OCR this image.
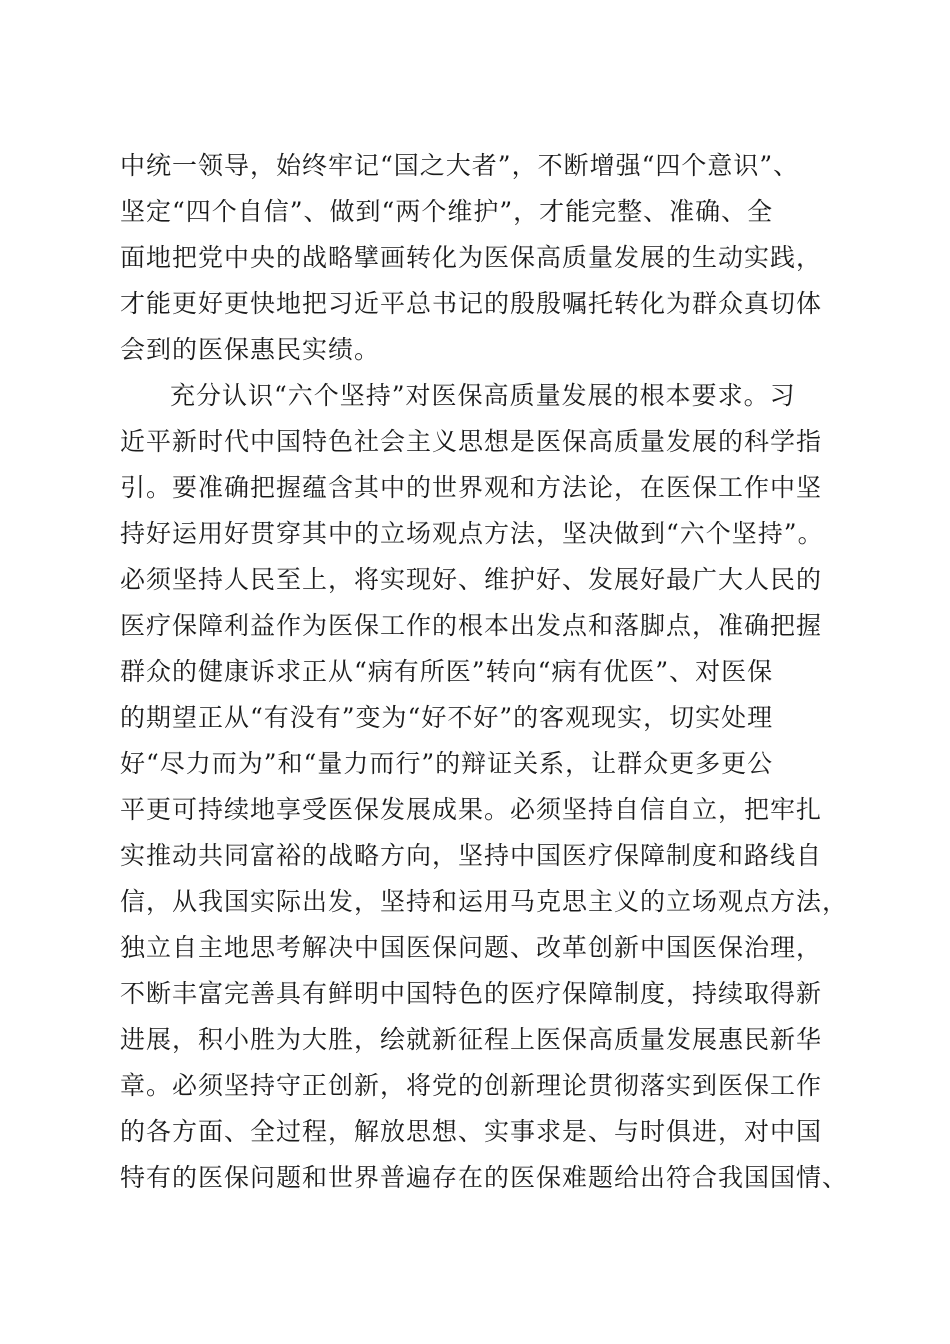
中统一领导，始终牢记“国之大者”，不断增强“四个意识”、
坚定“四个自信”、做到“两个维护”，才能完整、准确、全
面地把党中央的战略擘画转化为医保高质量发展的生动实践，
才能更好更快地把习近平总书记的殷殷嘱托转化为群众真切体
会到的医保惠民实绩。
充分认识“六个坚持”对医保高质量发展的根本要求。习
近平新时代中国特色社会主义思想是医保高质量发展的科学指
引。要准确把握蕴含其中的世界观和方法论，在医保工作中坚
持好运用好贯穿其中的立场观点方法，坚决做到“六个坚持”。
必须坚持人民至上，将实现好、维护好、发展好最广大人民的
医疗保障利益作为医保工作的根本出发点和落脚点，准确把握
群众的健康诉求正从“病有所医”转向“病有优医”、对医保
的期望正从“有没有”变为“好不好”的客观现实，切实处理
好“尽力而为”和“量力而行”的辩证关系，让群众更多更公
平更可持续地享受医保发展成果。必须坚持自信自立，把牢扎
实推动共同富裕的战略方向，坚持中国医疗保障制度和路线自
信，从我国实际出发，坚持和运用马克思主义的立场观点方法，
独立自主地思考解决中国医保问题、改革创新中国医保治理，
不断丰富完善具有鲜明中国特色的医疗保障制度，持续取得新
进展，积小胜为大胜，绘就新征程上医保高质量发展惠民新华
章。必须坚持守正创新，将党的创新理论贯彻落实到医保工作
的各方面、全过程，解放思想、实事求是、与时俱进，对中国
特有的医保问题和世界普遍存在的医保难题给出符合我国国情、
